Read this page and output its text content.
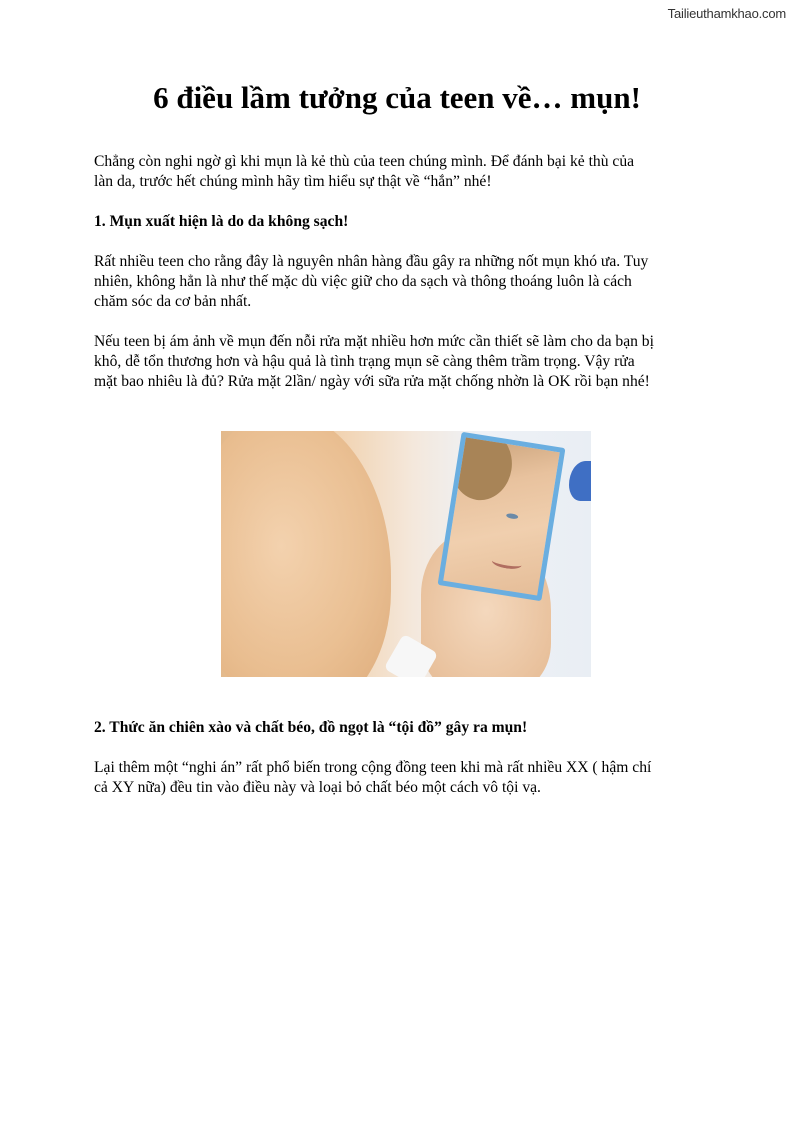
Tailieuthamkhao.com
6 điều lầm tưởng của teen về… mụn!

Chẳng còn nghi ngờ gì khi mụn là kẻ thù của teen chúng mình. Để đánh bại kẻ thù của
làn da, trước hết chúng mình hãy tìm hiểu sự thật về “hắn” nhé!

1. Mụn xuất hiện là do da không sạch!

Rất nhiều teen cho rằng đây là nguyên nhân hàng đầu gây ra những nốt mụn khó ưa. Tuy
nhiên, không hẳn là như thế mặc dù việc giữ cho da sạch và thông thoáng luôn là cách
chăm sóc da cơ bản nhất.

Nếu teen bị ám ảnh về mụn đến nỗi rửa mặt nhiều hơn mức cần thiết sẽ làm cho da bạn bị
khô, dễ tổn thương hơn và hậu quả là tình trạng mụn sẽ càng thêm trầm trọng. Vậy rửa
mặt bao nhiêu là đủ? Rửa mặt 2lần/ ngày với sữa rửa mặt chống nhờn là OK rồi bạn nhé!

2. Thức ăn chiên xào và chất béo, đồ ngọt là “tội đồ” gây ra mụn!

Lại thêm một “nghi án” rất phổ biến trong cộng đồng teen khi mà rất nhiều XX ( hậm chí
cả XY nữa) đều tin vào điều này và loại bỏ chất béo một cách vô tội vạ.
